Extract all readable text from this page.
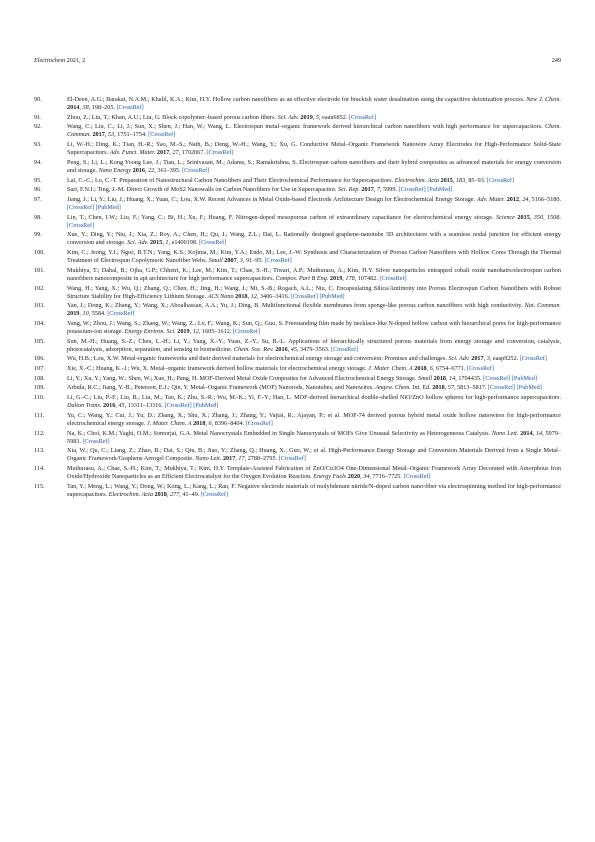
Electrochem 2021, 2	249
90.	El-Deen, A.G.; Barakat, N.A.M.; Khalil, K.A.; Kim, H.Y. Hollow carbon nanofibers as an effective electrode for brackish water desalination using the capacitive deionization process. New J. Chem. 2014, 38, 198–205. [CrossRef]
91.	Zhou, Z.; Liu, T.; Khan, A.U.; Liu, G. Block copolymer–based porous carbon fibers. Sci. Adv. 2019, 5, eaau6852. [CrossRef]
92.	Wang, C.; Liu, C.; Li, J.; Sun, X.; Shen, J.; Han, W.; Wang, L. Electrospun metal–organic framework derived hierarchical carbon nanofibers with high performance for supercapacitors. Chem. Commun. 2017, 53, 1751–1754. [CrossRef]
93.	Li, W.-H.; Ding, K.; Tian, H.-R.; Yao, M.-S.; Nath, B.; Deng, W.-H.; Wang, Y.; Xu, G. Conductive Metal–Organic Framework Nanowire Array Electrodes for High-Performance Solid-State Supercapacitors. Adv. Funct. Mater. 2017, 27, 1702067. [CrossRef]
94.	Peng, S.; Li, L.; Kong Yoong Lee, J.; Tian, L.; Srinivasan, M.; Adams, S.; Ramakrishna, S. Electrospun carbon nanofibers and their hybrid composites as advanced materials for energy conversion and storage. Nano Energy 2016, 22, 361–395. [CrossRef]
95.	Lai, C.-C.; Lo, C.-T. Preparation of Nanostructural Carbon Nanofibers and Their Electrochemical Performance for Supercapacitors. Electrochim. Acta 2015, 183, 85–93. [CrossRef]
96.	Sari, F.N.I.; Ting, J.-M. Direct Growth of MoS2 Nanowalls on Carbon Nanofibers for Use in Supercapacitor. Sci. Rep. 2017, 7, 5999. [CrossRef] [PubMed]
97.	Jiang, J.; Li, Y.; Liu, J.; Huang, X.; Yuan, C.; Lou, X.W. Recent Advances in Metal Oxide-based Electrode Architecture Design for Electrochemical Energy Storage. Adv. Mater. 2012, 24, 5166–5180. [CrossRef] [PubMed]
98.	Lin, T.; Chen, I.W.; Liu, F.; Yang, C.; Bi, H.; Xu, F.; Huang, F. Nitrogen-doped mesoporous carbon of extraordinary capacitance for electrochemical energy storage. Science 2015, 350, 1508. [CrossRef]
99.	Xue, Y.; Ding, Y.; Niu, J.; Xia, Z.; Roy, A.; Chen, H.; Qu, J.; Wang, Z.L.; Dai, L. Rationally designed graphene-nanotube 3D architectures with a seamless nodal junction for efficient energy conversion and storage. Sci. Adv. 2015, 1, e1400198. [CrossRef]
100.	Kim, C.; Jeong, Y.I.; Ngoc, B.T.N.; Yang, K.S.; Kojima, M.; Kim, Y.A.; Endo, M.; Lee, J.-W. Synthesis and Characterization of Porous Carbon Nanofibers with Hollow Cores Through the Thermal Treatment of Electrospun Copolymeric Nanofiber Webs. Small 2007, 3, 91–95. [CrossRef]
101.	Mukhiya, T.; Dahal, B.; Ojha, G.P.; Chhetri, K.; Lee, M.; Kim, T.; Chae, S.-H.; Tiwari, A.P.; Muthurasu, A.; Kim, H.Y. Silver nanoparticles entrapped cobalt oxide nanohairs/electrospun carbon nanofibers nanocomposite in apt architecture for high performance supercapacitors. Compos. Part B Eng. 2019, 178, 107482. [CrossRef]
102.	Wang, H.; Yang, X.; Wu, Q.; Zhang, Q.; Chen, H.; Jing, H.; Wang, J.; Mi, S.-B.; Rogach, A.L.; Niu, C. Encapsulating Silica/Antimony into Porous Electrospun Carbon Nanofibers with Robust Structure Stability for High-Efficiency Lithium Storage. ACS Nano 2018, 12, 3406–3416. [CrossRef] [PubMed]
103.	Yan, J.; Dong, K.; Zhang, Y.; Wang, X.; Aboalhassan, A.A.; Yu, J.; Ding, B. Multifunctional flexible membranes from sponge-like porous carbon nanofibers with high conductivity. Nat. Commun. 2019, 10, 5584. [CrossRef]
104.	Yang, W.; Zhou, J.; Wang, S.; Zhang, W.; Wang, Z.; Lv, F.; Wang, K.; Sun, Q.; Guo, S. Freestanding film made by necklace-like N-doped hollow carbon with hierarchical pores for high-performance potassium-ion storage. Energy Environ. Sci. 2019, 12, 1605–1612. [CrossRef]
105.	Sun, M.-H.; Huang, S.-Z.; Chen, L.-H.; Li, Y.; Yang, X.-Y.; Yuan, Z.-Y.; Su, B.-L. Applications of hierarchically structured porous materials from energy storage and conversion, catalysis, photocatalysis, adsorption, separation, and sensing to biomedicine. Chem. Soc. Rev. 2016, 45, 3479–3563. [CrossRef]
106.	Wu, H.B.; Lou, X.W. Metal-organic frameworks and their derived materials for electrochemical energy storage and conversion: Promises and challenges. Sci. Adv. 2017, 3, eaap9252. [CrossRef]
107.	Xie, X.-C.; Huang, K.-J.; Wu, X. Metal–organic framework derived hollow materials for electrochemical energy storage. J. Mater. Chem. A 2018, 6, 6754–6771. [CrossRef]
108.	Li, Y.; Xu, Y.; Yang, W.; Shen, W.; Xue, H.; Pang, H. MOF-Derived Metal Oxide Composites for Advanced Electrochemical Energy Storage. Small 2018, 14, 1704435. [CrossRef] [PubMed]
109.	Arbulu, R.C.; Jiang, Y.-B.; Peterson, E.J.; Qin, Y. Metal–Organic Framework (MOF) Nanorods, Nanotubes, and Nanowires. Angew. Chem. Int. Ed. 2018, 57, 5813–5817. [CrossRef] [PubMed]
110.	Li, G.-C.; Liu, P.-F.; Liu, R.; Liu, M.; Tao, K.; Zhu, S.-R.; Wu, M.-K.; Yi, F.-Y.; Han, L. MOF-derived hierarchical double-shelled NiO/ZnO hollow spheres for high-performance supercapacitors. Dalton Trans. 2016, 45, 13311–13316. [CrossRef] [PubMed]
111.	Yu, C.; Wang, Y.; Cui, J.; Yu, D.; Zhang, X.; Shu, X.; Zhang, J.; Zhang, Y.; Vajtai, R.; Ajayan, P.; et al. MOF-74 derived porous hybrid metal oxide hollow nanowires for high-performance electrochemical energy storage. J. Mater. Chem. A 2018, 6, 8396–8404. [CrossRef]
112.	Na, K.; Choi, K.M.; Yaghi, O.M.; Somorjai, G.A. Metal Nanocrystals Embedded in Single Nanocrystals of MOFs Give Unusual Selectivity as Heterogeneous Catalysts. Nano Lett. 2014, 14, 5979–5983. [CrossRef]
113.	Xia, W.; Qu, C.; Liang, Z.; Zhao, B.; Dai, S.; Qiu, B.; Jiao, Y.; Zhang, Q.; Huang, X.; Guo, W.; et al. High-Performance Energy Storage and Conversion Materials Derived from a Single Metal–Organic Framework/Graphene Aerogel Composite. Nano Lett. 2017, 17, 2788–2795. [CrossRef]
114.	Muthurasu, A.; Chae, S.-H.; Kim, T.; Mukhiya, T.; Kim, H.Y. Template-Assisted Fabrication of ZnO/Co3O4 One-Dimensional Metal–Organic Framework Array Decorated with Amorphous Iron Oxide/Hydroxide Nanoparticles as an Efficient Electrocatalyst for the Oxygen Evolution Reaction. Energy Fuels 2020, 34, 7716–7725. [CrossRef]
115.	Tan, Y.; Meng, L.; Wang, Y.; Dong, W.; Kong, L.; Kang, L.; Ran, F. Negative electrode materials of molybdenum nitride/N-doped carbon nano-fiber via electrospinning method for high-performance supercapacitors. Electrochim. Acta 2018, 277, 41–49. [CrossRef]
